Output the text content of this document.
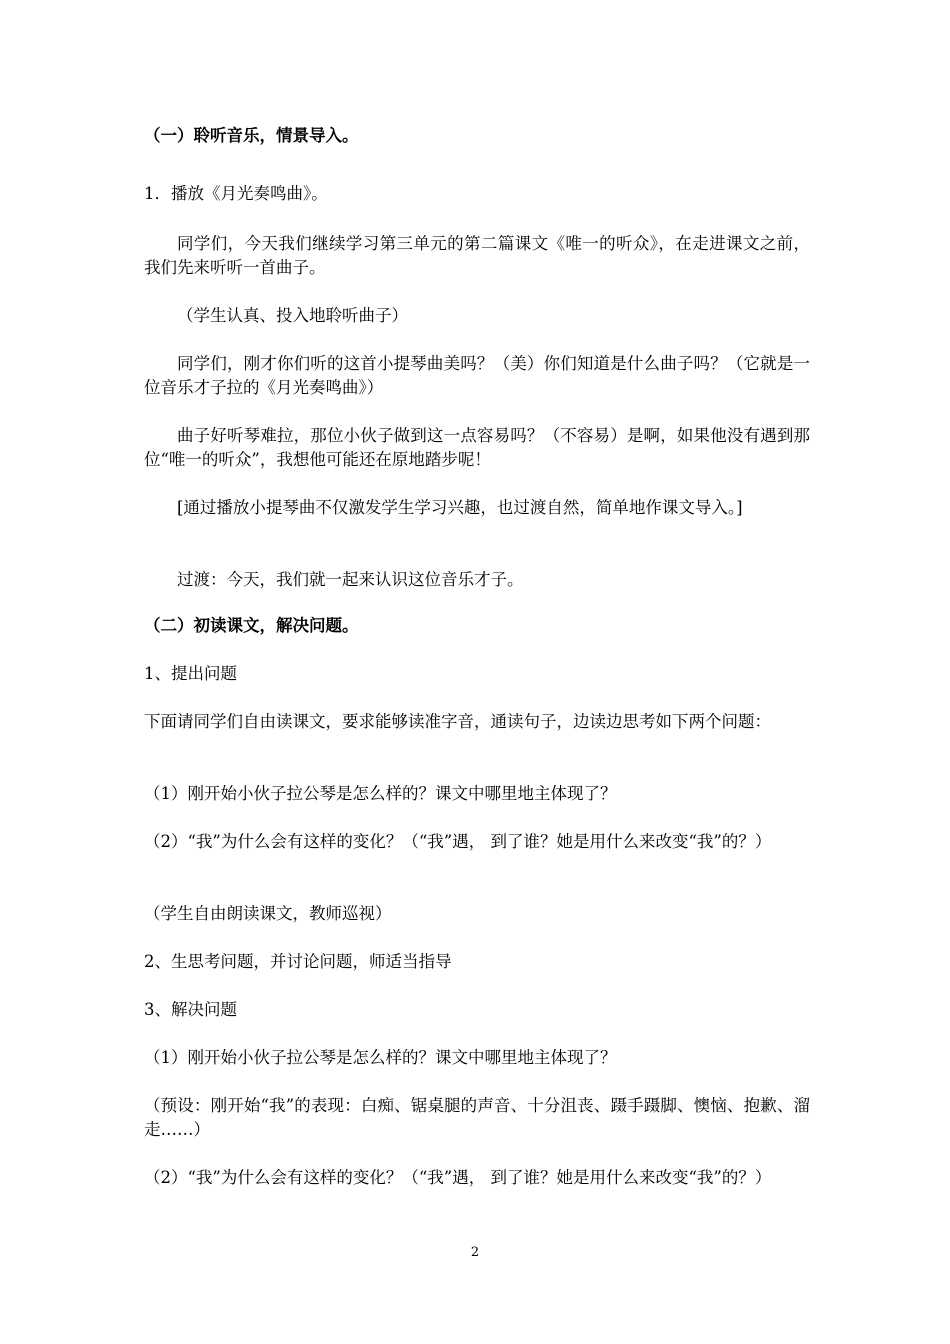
（一）聆听音乐，情景导入。

1．播放《月光奏鸣曲》。

同学们，今天我们继续学习第三单元的第二篇课文《唯一的听众》，在走进课文之前，我们先来听听一首曲子。

（学生认真、投入地聆听曲子）

同学们，刚才你们听的这首小提琴曲美吗？（美）你们知道是什么曲子吗？（它就是一位音乐才子拉的《月光奏鸣曲》）

曲子好听琴难拉，那位小伙子做到这一点容易吗？（不容易）是啊，如果他没有遇到那位“唯一的听众”，我想他可能还在原地踏步呢！

[通过播放小提琴曲不仅激发学生学习兴趣，也过渡自然，简单地作课文导入。]

过渡：今天，我们就一起来认识这位音乐才子。

（二）初读课文，解决问题。

1、提出问题

下面请同学们自由读课文，要求能够读准字音，通读句子，边读边思考如下两个问题：

（1）刚开始小伙子拉公琴是怎么样的？课文中哪里地主体现了？

（2）“我”为什么会有这样的变化？（“我”遇， 到了谁？她是用什么来改变“我”的？）

（学生自由朗读课文，教师巡视）

2、生思考问题，并讨论问题，师适当指导

3、解决问题

（1）刚开始小伙子拉公琴是怎么样的？课文中哪里地主体现了？

（预设：刚开始“我”的表现：白痴、锯桌腿的声音、十分沮丧、蹑手蹑脚、懊恼、抱歉、溜走……）

（2）“我”为什么会有这样的变化？（“我”遇， 到了谁？她是用什么来改变“我”的？）

2
